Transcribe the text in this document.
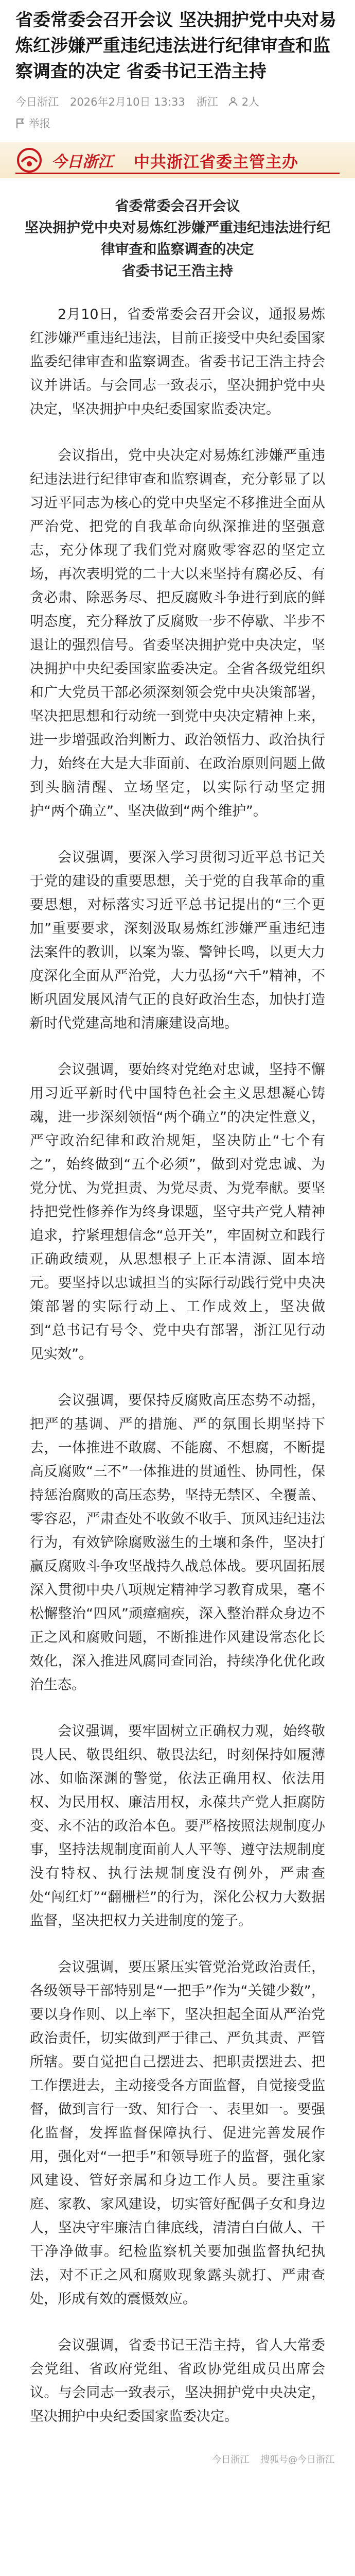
省委常委会召开会议 坚决拥护党中央对易炼红涉嫌严重违纪违法进行纪律审查和监察调查的决定 省委书记王浩主持
今日浙江 2026年2月10日 13:33 浙江 2人
举报
今日浙江 中共浙江省委主管主办
省委常委会召开会议
坚决拥护党中央对易炼红涉嫌严重违纪违法进行纪律审查和监察调查的决定
省委书记王浩主持

2月10日，省委常委会召开会议，通报易炼红涉嫌严重违纪违法，目前正接受中央纪委国家监委纪律审查和监察调查。省委书记王浩主持会议并讲话。与会同志一致表示，坚决拥护党中央决定，坚决拥护中央纪委国家监委决定。

会议指出，党中央决定对易炼红涉嫌严重违纪违法进行纪律审查和监察调查，充分彰显了以习近平同志为核心的党中央坚定不移推进全面从严治党、把党的自我革命向纵深推进的坚强意志，充分体现了我们党对腐败零容忍的坚定立场，再次表明党的二十大以来坚持有腐必反、有贪必肃、除恶务尽、把反腐败斗争进行到底的鲜明态度，充分释放了反腐败一步不停歇、半步不退让的强烈信号。省委坚决拥护党中央决定，坚决拥护中央纪委国家监委决定。全省各级党组织和广大党员干部必须深刻领会党中央决策部署，坚决把思想和行动统一到党中央决定精神上来，进一步增强政治判断力、政治领悟力、政治执行力，始终在大是大非面前、在政治原则问题上做到头脑清醒、立场坚定，以实际行动坚定拥护“两个确立”、坚决做到“两个维护”。

会议强调，要深入学习贯彻习近平总书记关于党的建设的重要思想，关于党的自我革命的重要思想，对标落实习近平总书记提出的“三个更加”重要要求，深刻汲取易炼红涉嫌严重违纪违法案件的教训，以案为鉴、警钟长鸣，以更大力度深化全面从严治党，大力弘扬“六千”精神，不断巩固发展风清气正的良好政治生态，加快打造新时代党建高地和清廉建设高地。

会议强调，要始终对党绝对忠诚，坚持不懈用习近平新时代中国特色社会主义思想凝心铸魂，进一步深刻领悟“两个确立”的决定性意义，严守政治纪律和政治规矩，坚决防止“七个有之”，始终做到“五个必须”，做到对党忠诚、为党分忧、为党担责、为党尽责、为党奉献。要坚持把党性修养作为终身课题，坚守共产党人精神追求，拧紧理想信念“总开关”，牢固树立和践行正确政绩观，从思想根子上正本清源、固本培元。要坚持以忠诚担当的实际行动践行党中央决策部署的实际行动上、工作成效上，坚决做到“总书记有号令、党中央有部署，浙江见行动见实效”。

会议强调，要保持反腐败高压态势不动摇，把严的基调、严的措施、严的氛围长期坚持下去，一体推进不敢腐、不能腐、不想腐，不断提高反腐败“三不”一体推进的贯通性、协同性，保持惩治腐败的高压态势，坚持无禁区、全覆盖、零容忍，严肃查处不收敛不收手、顶风违纪违法行为，有效铲除腐败滋生的土壤和条件，坚决打赢反腐败斗争攻坚战持久战总体战。要巩固拓展深入贯彻中央八项规定精神学习教育成果，毫不松懈整治“四风”顽瘴痼疾，深入整治群众身边不正之风和腐败问题，不断推进作风建设常态化长效化，深入推进风腐同查同治，持续净化优化政治生态。

会议强调，要牢固树立正确权力观，始终敬畏人民、敬畏组织、敬畏法纪，时刻保持如履薄冰、如临深渊的警觉，依法正确用权、依法用权、为民用权、廉洁用权，永葆共产党人拒腐防变、永不沾的政治本色。要严格按照法规制度办事，坚持法规制度面前人人平等、遵守法规制度没有特权、执行法规制度没有例外，严肃查处“闯红灯”“翻栅栏”的行为，深化公权力大数据监督，坚决把权力关进制度的笼子。

会议强调，要压紧压实管党治党政治责任，各级领导干部特别是“一把手”作为“关键少数”，要以身作则、以上率下，坚决担起全面从严治党政治责任，切实做到严于律己、严负其责、严管所辖。要自觉把自己摆进去、把职责摆进去、把工作摆进去，主动接受各方面监督，自觉接受监督，做到言行一致、知行合一、表里如一。要强化监督，发挥监督保障执行、促进完善发展作用，强化对“一把手”和领导班子的监督，强化家风建设、管好亲属和身边工作人员。要注重家庭、家教、家风建设，切实管好配偶子女和身边人，坚决守牢廉洁自律底线，清清白白做人、干干净净做事。纪检监察机关要加强监督执纪执法，对不正之风和腐败现象露头就打、严肃查处，形成有效的震慑效应。

会议强调，省委书记王浩主持，省人大常委会党组、省政府党组、省政协党组成员出席会议。与会同志一致表示，坚决拥护党中央决定，坚决拥护中央纪委国家监委决定。

今日浙江 搜狐号@今日浙江
